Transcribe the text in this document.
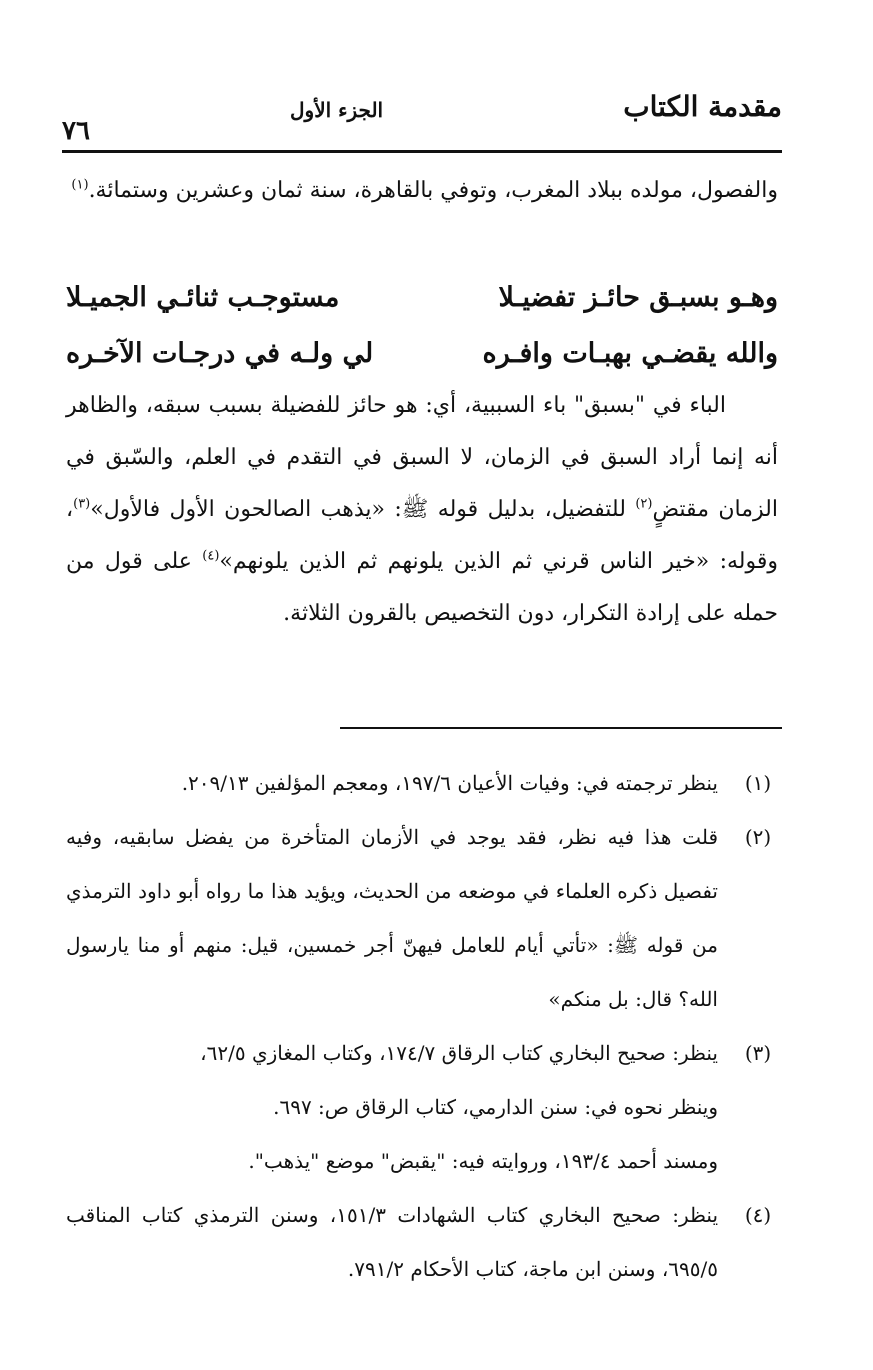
مقدمة الكتاب
الجزء الأول
٧٦
والفصول، مولده ببلاد المغرب، وتوفي بالقاهرة، سنة ثمان وعشرين وستمائة.$^{(١)}$
وهـو بسبـق حائـز تفضيـلا
مستوجـب ثنائـي الجميـلا
والله يقضـي بهبـات وافـره
لي ولـه في درجـات الآخـره
الباء في "بسبق" باء السببية، أي: هو حائز للفضيلة بسبب سبقه، والظاهر أنه إنما أراد السبق في الزمان، لا السبق في التقدم في العلم، والسّبق في الزمان مقتضٍ$^{(٢)}$ للتفضيل، بدليل قوله ﷺ: «يذهب الصالحون الأول فالأول»$^{(٣)}$، وقوله: «خير الناس قرني ثم الذين يلونهم ثم الذين يلونهم»$^{(٤)}$ على قول من حمله على إرادة التكرار، دون التخصيص بالقرون الثلاثة.
(١)
ينظر ترجمته في: وفيات الأعيان ١٩٧/٦، ومعجم المؤلفين ٢٠٩/١٣.
(٢)
قلت هذا فيه نظر، فقد يوجد في الأزمان المتأخرة من يفضل سابقيه، وفيه تفصيل ذكره العلماء في موضعه من الحديث، ويؤيد هذا ما رواه أبو داود الترمذي من قوله ﷺ: «تأتي أيام للعامل فيهنّ أجر خمسين، قيل: منهم أو منا يارسول الله؟ قال: بل منكم»
(٣)
ينظر: صحيح البخاري كتاب الرقاق ١٧٤/٧، وكتاب المغازي ٦٢/٥،
وينظر نحوه في: سنن الدارمي، كتاب الرقاق ص: ٦٩٧.
ومسند أحمد ١٩٣/٤، وروايته فيه: "يقبض" موضع "يذهب".
(٤)
ينظر: صحيح البخاري كتاب الشهادات ١٥١/٣، وسنن الترمذي كتاب المناقب ٦٩٥/٥، وسنن ابن ماجة، كتاب الأحكام ٧٩١/٢.
